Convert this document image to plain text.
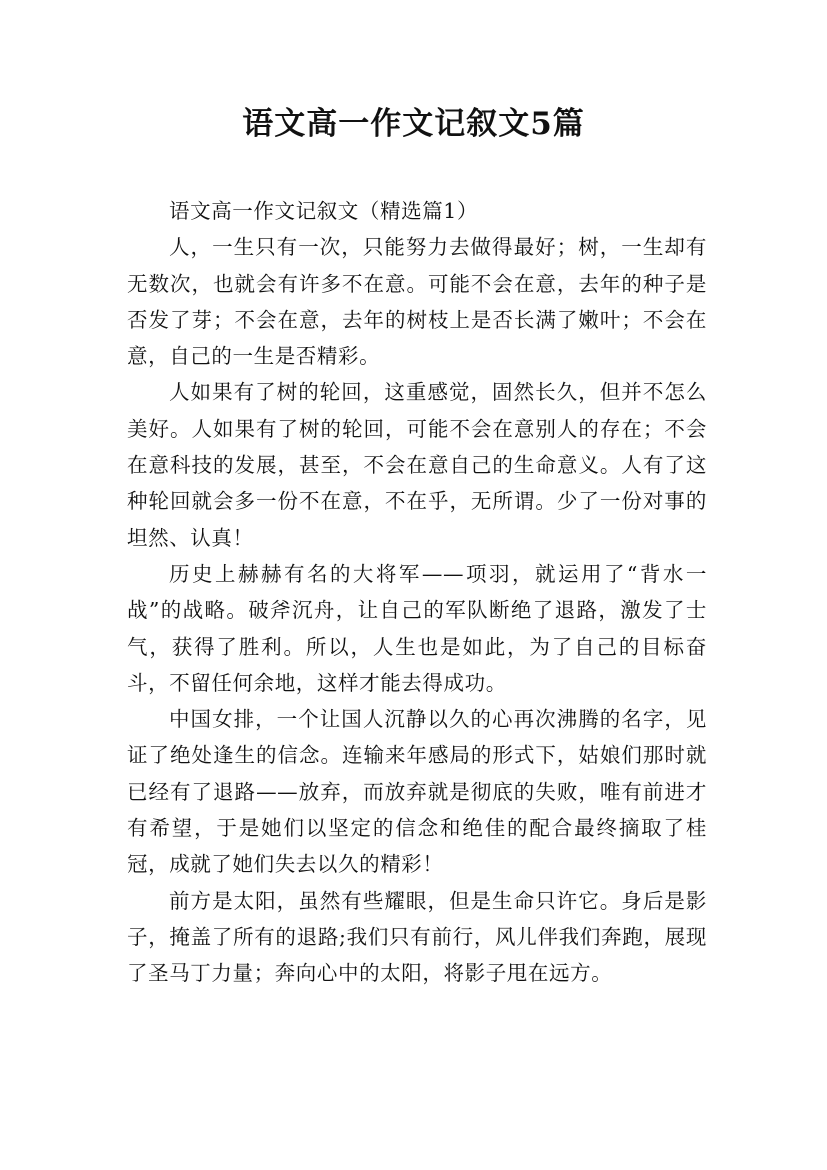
语文高一作文记叙文5篇

语文高一作文记叙文（精选篇1）

人，一生只有一次，只能努力去做得最好；树，一生却有无数次，也就会有许多不在意。可能不会在意，去年的种子是否发了芽；不会在意，去年的树枝上是否长满了嫩叶；不会在意，自己的一生是否精彩。

人如果有了树的轮回，这重感觉，固然长久，但并不怎么美好。人如果有了树的轮回，可能不会在意别人的存在；不会在意科技的发展，甚至，不会在意自己的生命意义。人有了这种轮回就会多一份不在意，不在乎，无所谓。少了一份对事的坦然、认真！

历史上赫赫有名的大将军——项羽，就运用了“背水一战”的战略。破斧沉舟，让自己的军队断绝了退路，激发了士气，获得了胜利。所以，人生也是如此，为了自己的目标奋斗，不留任何余地，这样才能去得成功。

中国女排，一个让国人沉静以久的心再次沸腾的名字，见证了绝处逢生的信念。连输来年感局的形式下，姑娘们那时就已经有了退路——放弃，而放弃就是彻底的失败，唯有前进才有希望，于是她们以坚定的信念和绝佳的配合最终摘取了桂冠，成就了她们失去以久的精彩！

前方是太阳，虽然有些耀眼，但是生命只许它。身后是影子，掩盖了所有的退路;我们只有前行，风儿伴我们奔跑，展现了圣马丁力量；奔向心中的太阳，将影子甩在远方。
